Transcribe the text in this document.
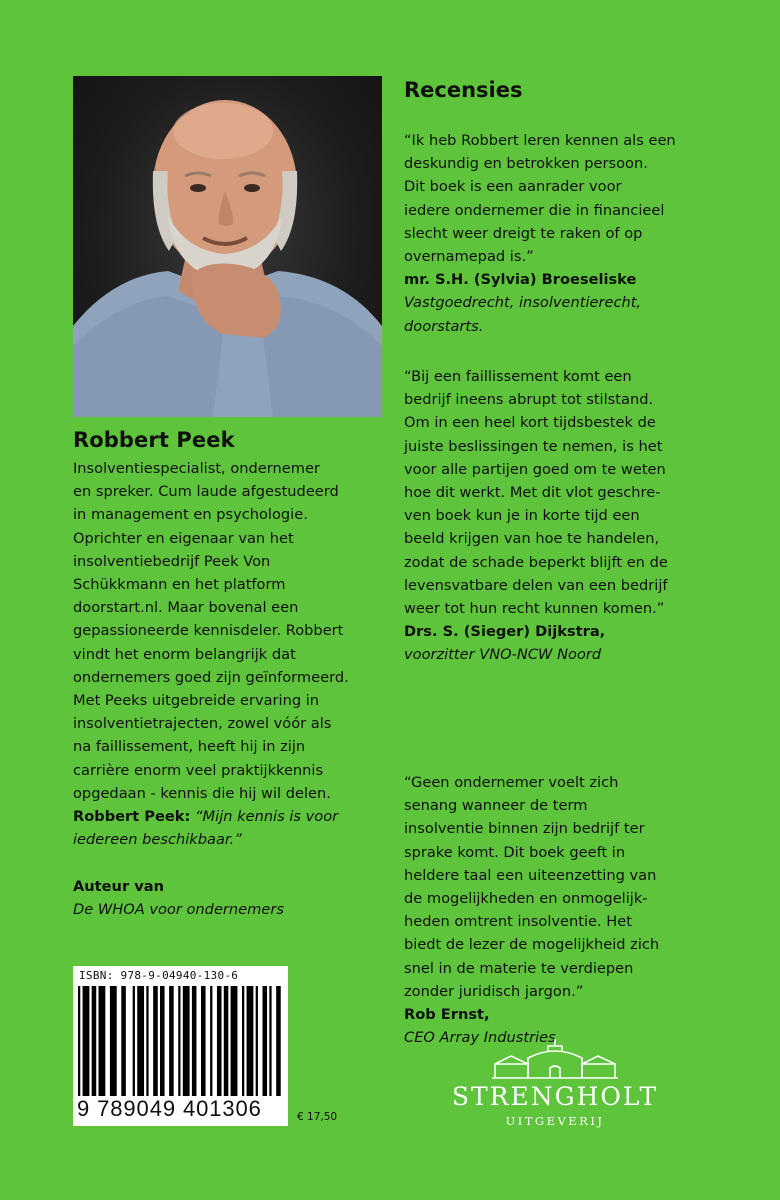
Robbert Peek
Insolventiespecialist, ondernemer
en spreker. Cum laude afgestudeerd
in management en psychologie.
Oprichter en eigenaar van het
insolventiebedrijf Peek Von
Schükkmann en het platform
doorstart.nl. Maar bovenal een
gepassioneerde kennisdeler. Robbert
vindt het enorm belangrijk dat
ondernemers goed zijn geïnformeerd.
Met Peeks uitgebreide ervaring in
insolventietrajecten, zowel vóór als
na faillissement, heeft hij in zijn
carrière enorm veel praktijkkennis
opgedaan - kennis die hij wil delen.
Robbert Peek: “Mijn kennis is voor
iedereen beschikbaar.”
Auteur van
De WHOA voor ondernemers
ISBN: 978-9-04940-130-6
9 789049 401306	€ 17,50
Recensies
“Ik heb Robbert leren kennen als een
deskundig en betrokken persoon.
Dit boek is een aanrader voor
iedere ondernemer die in financieel
slecht weer dreigt te raken of op
overnamepad is.”
mr. S.H. (Sylvia) Broeseliske
Vastgoedrecht, insolventierecht,
doorstarts.
“Bij een faillissement komt een
bedrijf ineens abrupt tot stilstand.
Om in een heel kort tijdsbestek de
juiste beslissingen te nemen, is het
voor alle partijen goed om te weten
hoe dit werkt. Met dit vlot geschre-
ven boek kun je in korte tijd een
beeld krijgen van hoe te handelen,
zodat de schade beperkt blijft en de
levensvatbare delen van een bedrijf
weer tot hun recht kunnen komen.”
Drs. S. (Sieger) Dijkstra,
voorzitter VNO-NCW Noord
“Geen ondernemer voelt zich
senang wanneer de term
insolventie binnen zijn bedrijf ter
sprake komt. Dit boek geeft in
heldere taal een uiteenzetting van
de mogelijkheden en onmogelijk-
heden omtrent insolventie. Het
biedt de lezer de mogelijkheid zich
snel in de materie te verdiepen
zonder juridisch jargon.”
Rob Ernst,
CEO Array Industries
STRENGHOLT
UITGEVERIJ
